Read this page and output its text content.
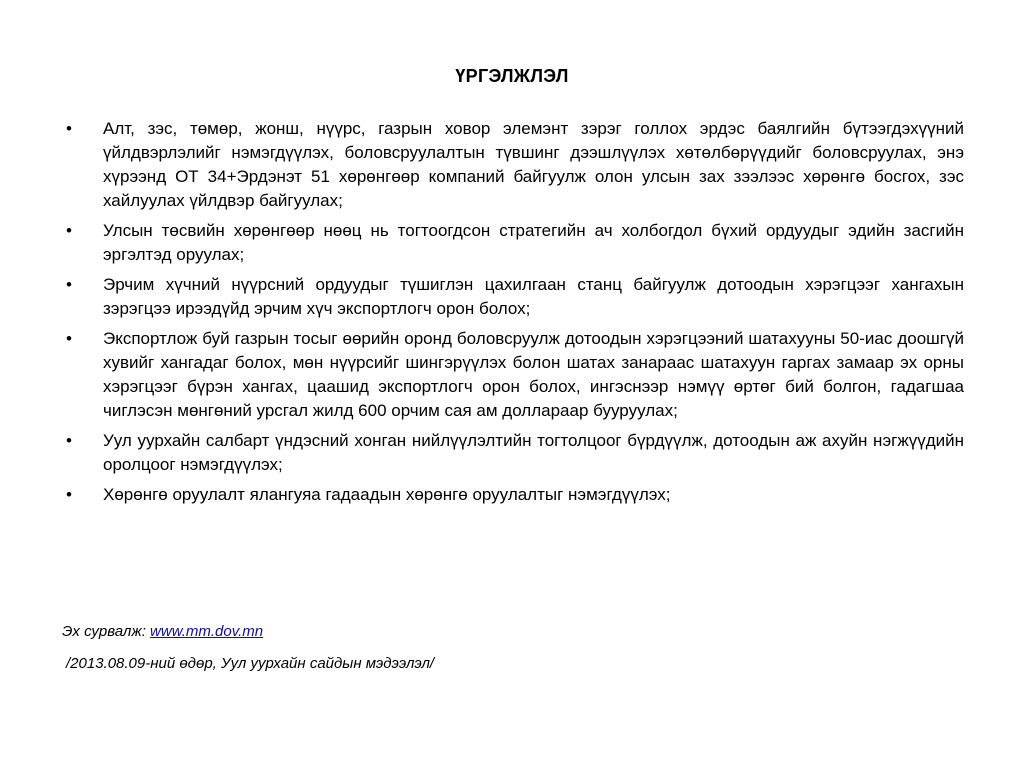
ҮРГЭЛЖЛЭЛ
•	Алт, зэс, төмөр, жонш, нүүрс, газрын ховор элемэнт зэрэг голлох эрдэс баялгийн бүтээгдэхүүний үйлдвэрлэлийг нэмэгдүүлэх, боловсруулалтын түвшинг дээшлүүлэх хөтөлбөрүүдийг боловсруулах, энэ хүрээнд ОТ 34+Эрдэнэт 51 хөрөнгөөр компаний байгуулж олон улсын зах зээлээс хөрөнгө босгох, зэс хайлуулах үйлдвэр байгуулах;
•	Улсын төсвийн хөрөнгөөр нөөц нь тогтоогдсон стратегийн ач холбогдол бүхий ордуудыг эдийн засгийн эргэлтэд оруулах;
•	Эрчим хүчний нүүрсний ордуудыг түшиглэн цахилгаан станц байгуулж дотоодын хэрэгцээг хангахын зэрэгцээ ирээдүйд эрчим хүч экспортлогч орон болох;
•	Экспортлож буй газрын тосыг өөрийн оронд боловсруулж дотоодын хэрэгцээний шатахууны 50-иас доошгүй хувийг хангадаг болох, мөн нүүрсийг шингэрүүлэх болон шатах занараас шатахуун гаргах замаар эх орны хэрэгцээг бүрэн хангах, цаашид экспортлогч орон болох, ингэснээр нэмүү өртөг бий болгон, гадагшаа чиглэсэн мөнгөний урсгал жилд 600 орчим сая ам доллараар бууруулах;
•	Уул уурхайн салбарт үндэсний хонган нийлүүлэлтийн тогтолцоог бүрдүүлж, дотоодын аж ахуйн нэгжүүдийн оролцоог нэмэгдүүлэх;
•	Хөрөнгө оруулалт ялангуяа гадаадын хөрөнгө оруулалтыг нэмэгдүүлэх;
Эх сурвалж: www.mm.dov.mn
/2013.08.09-ний өдөр, Уул уурхайн сайдын мэдээлэл/
